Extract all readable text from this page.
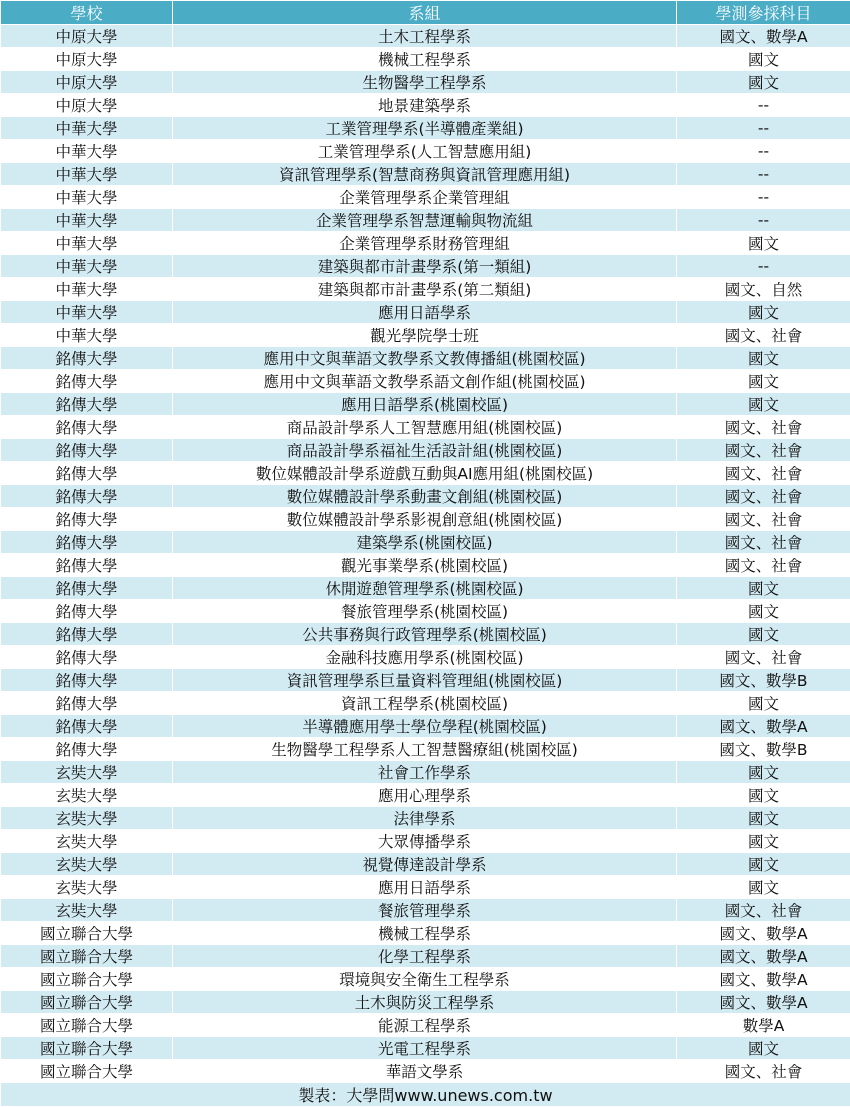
學校	系組	學測參採科目
中原大學	土木工程學系	國文、數學A
中原大學	機械工程學系	國文
中原大學	生物醫學工程學系	國文
中原大學	地景建築學系	--
中華大學	工業管理學系(半導體產業組)	--
中華大學	工業管理學系(人工智慧應用組)	--
中華大學	資訊管理學系(智慧商務與資訊管理應用組)	--
中華大學	企業管理學系企業管理組	--
中華大學	企業管理學系智慧運輸與物流組	--
中華大學	企業管理學系財務管理組	國文
中華大學	建築與都市計畫學系(第一類組)	--
中華大學	建築與都市計畫學系(第二類組)	國文、自然
中華大學	應用日語學系	國文
中華大學	觀光學院學士班	國文、社會
銘傳大學	應用中文與華語文教學系文教傳播組(桃園校區)	國文
銘傳大學	應用中文與華語文教學系語文創作組(桃園校區)	國文
銘傳大學	應用日語學系(桃園校區)	國文
銘傳大學	商品設計學系人工智慧應用組(桃園校區)	國文、社會
銘傳大學	商品設計學系福祉生活設計組(桃園校區)	國文、社會
銘傳大學	數位媒體設計學系遊戲互動與AI應用組(桃園校區)	國文、社會
銘傳大學	數位媒體設計學系動畫文創組(桃園校區)	國文、社會
銘傳大學	數位媒體設計學系影視創意組(桃園校區)	國文、社會
銘傳大學	建築學系(桃園校區)	國文、社會
銘傳大學	觀光事業學系(桃園校區)	國文、社會
銘傳大學	休閒遊憩管理學系(桃園校區)	國文
銘傳大學	餐旅管理學系(桃園校區)	國文
銘傳大學	公共事務與行政管理學系(桃園校區)	國文
銘傳大學	金融科技應用學系(桃園校區)	國文、社會
銘傳大學	資訊管理學系巨量資料管理組(桃園校區)	國文、數學B
銘傳大學	資訊工程學系(桃園校區)	國文
銘傳大學	半導體應用學士學位學程(桃園校區)	國文、數學A
銘傳大學	生物醫學工程學系人工智慧醫療組(桃園校區)	國文、數學B
玄奘大學	社會工作學系	國文
玄奘大學	應用心理學系	國文
玄奘大學	法律學系	國文
玄奘大學	大眾傳播學系	國文
玄奘大學	視覺傳達設計學系	國文
玄奘大學	應用日語學系	國文
玄奘大學	餐旅管理學系	國文、社會
國立聯合大學	機械工程學系	國文、數學A
國立聯合大學	化學工程學系	國文、數學A
國立聯合大學	環境與安全衛生工程學系	國文、數學A
國立聯合大學	土木與防災工程學系	國文、數學A
國立聯合大學	能源工程學系	數學A
國立聯合大學	光電工程學系	國文
國立聯合大學	華語文學系	國文、社會
製表：大學問www.unews.com.tw		
